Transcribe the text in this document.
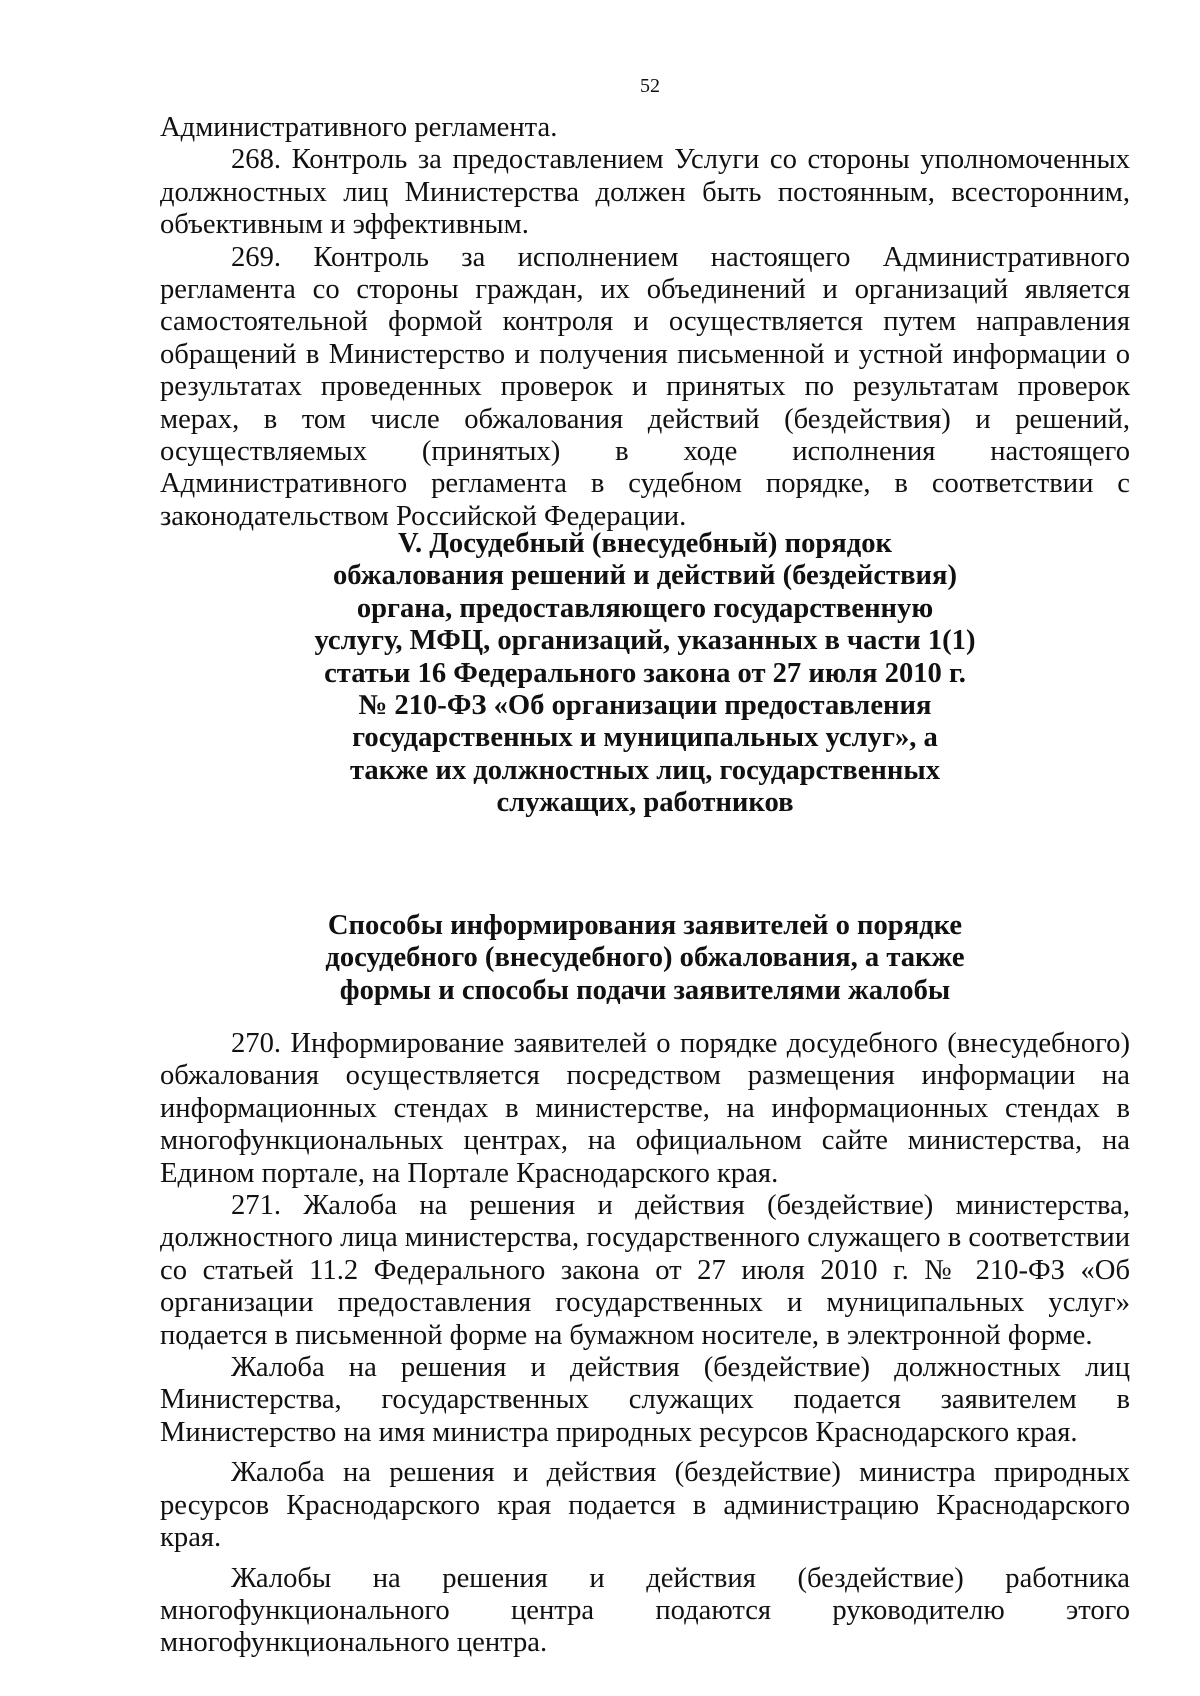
52

Административного регламента.

268. Контроль за предоставлением Услуги со стороны уполномоченных должностных лиц Министерства должен быть постоянным, всесторонним, объективным и эффективным.

269. Контроль за исполнением настоящего Административного регламента со стороны граждан, их объединений и организаций является самостоятельной формой контроля и осуществляется путем направления обращений в Министерство и получения письменной и устной информации о результатах проведенных проверок и принятых по результатам проверок мерах, в том числе обжалования действий (бездействия) и решений, осуществляемых (принятых) в ходе исполнения настоящего Административного регламента в судебном порядке, в соответствии с законодательством Российской Федерации.

V. Досудебный (внесудебный) порядок
обжалования решений и действий (бездействия)
органа, предоставляющего государственную
услугу, МФЦ, организаций, указанных в части 1(1)
статьи 16 Федерального закона от 27 июля 2010 г.
№ 210-ФЗ «Об организации предоставления
государственных и муниципальных услуг», а
также их должностных лиц, государственных
служащих, работников
Способы информирования заявителей о порядке
досудебного (внесудебного) обжалования, а также
формы и способы подачи заявителями жалобы

270. Информирование заявителей о порядке досудебного (внесудебного) обжалования осуществляется посредством размещения информации на информационных стендах в министерстве, на информационных стендах в многофункциональных центрах, на официальном сайте министерства, на Едином портале, на Портале Краснодарского края.

271. Жалоба на решения и действия (бездействие) министерства, должностного лица министерства, государственного служащего в соответствии со статьей 11.2 Федерального закона от 27 июля 2010 г. № 210-ФЗ «Об организации предоставления государственных и муниципальных услуг» подается в письменной форме на бумажном носителе, в электронной форме.

Жалоба на решения и действия (бездействие) должностных лиц Министерства, государственных служащих подается заявителем в Министерство на имя министра природных ресурсов Краснодарского края.

Жалоба на решения и действия (бездействие) министра природных ресурсов Краснодарского края подается в администрацию Краснодарского края.

Жалобы на решения и действия (бездействие) работника многофункционального центра подаются руководителю этого многофункционального центра.
